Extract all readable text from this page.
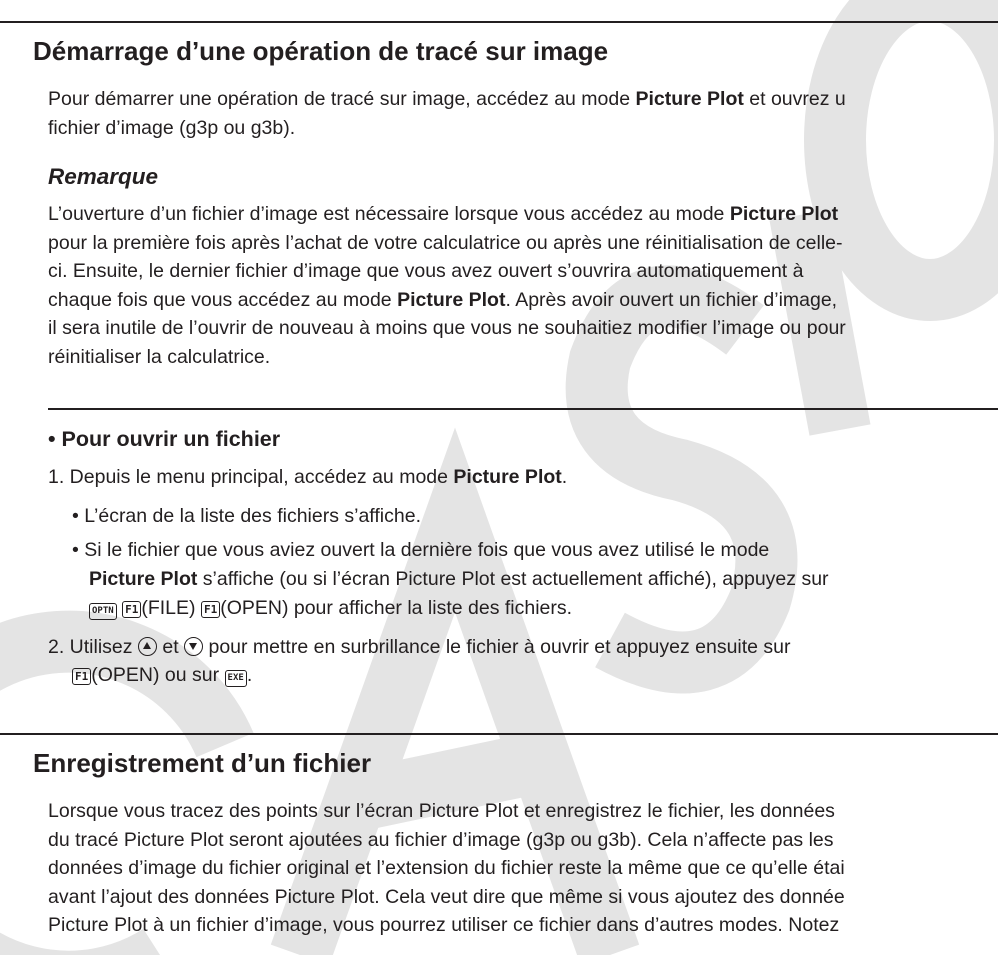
Démarrage d’une opération de tracé sur image

Pour démarrer une opération de tracé sur image, accédez au mode Picture Plot et ouvrez u
fichier d’image (g3p ou g3b).

Remarque

L’ouverture d’un fichier d’image est nécessaire lorsque vous accédez au mode Picture Plot
pour la première fois après l’achat de votre calculatrice ou après une réinitialisation de celle-
ci. Ensuite, le dernier fichier d’image que vous avez ouvert s’ouvrira automatiquement à
chaque fois que vous accédez au mode Picture Plot. Après avoir ouvert un fichier d’image,
il sera inutile de l’ouvrir de nouveau à moins que vous ne souhaitiez modifier l’image ou pour
réinitialiser la calculatrice.

• Pour ouvrir un fichier

1. Depuis le menu principal, accédez au mode Picture Plot.

• L’écran de la liste des fichiers s’affiche.

• Si le fichier que vous aviez ouvert la dernière fois que vous avez utilisé le mode

Picture Plot s’affiche (ou si l’écran Picture Plot est actuellement affiché), appuyez sur

OPTN F1 (FILE) F1 (OPEN) pour afficher la liste des fichiers.

2. Utilisez  et  pour mettre en surbrillance le fichier à ouvrir et appuyez ensuite sur

F1 (OPEN) ou sur EXE .

Enregistrement d’un fichier

Lorsque vous tracez des points sur l’écran Picture Plot et enregistrez le fichier, les données
du tracé Picture Plot seront ajoutées au fichier d’image (g3p ou g3b). Cela n’affecte pas les
données d’image du fichier original et l’extension du fichier reste la même que ce qu’elle étai
avant l’ajout des données Picture Plot. Cela veut dire que même si vous ajoutez des donnée
Picture Plot à un fichier d’image, vous pourrez utiliser ce fichier dans d’autres modes. Notez
